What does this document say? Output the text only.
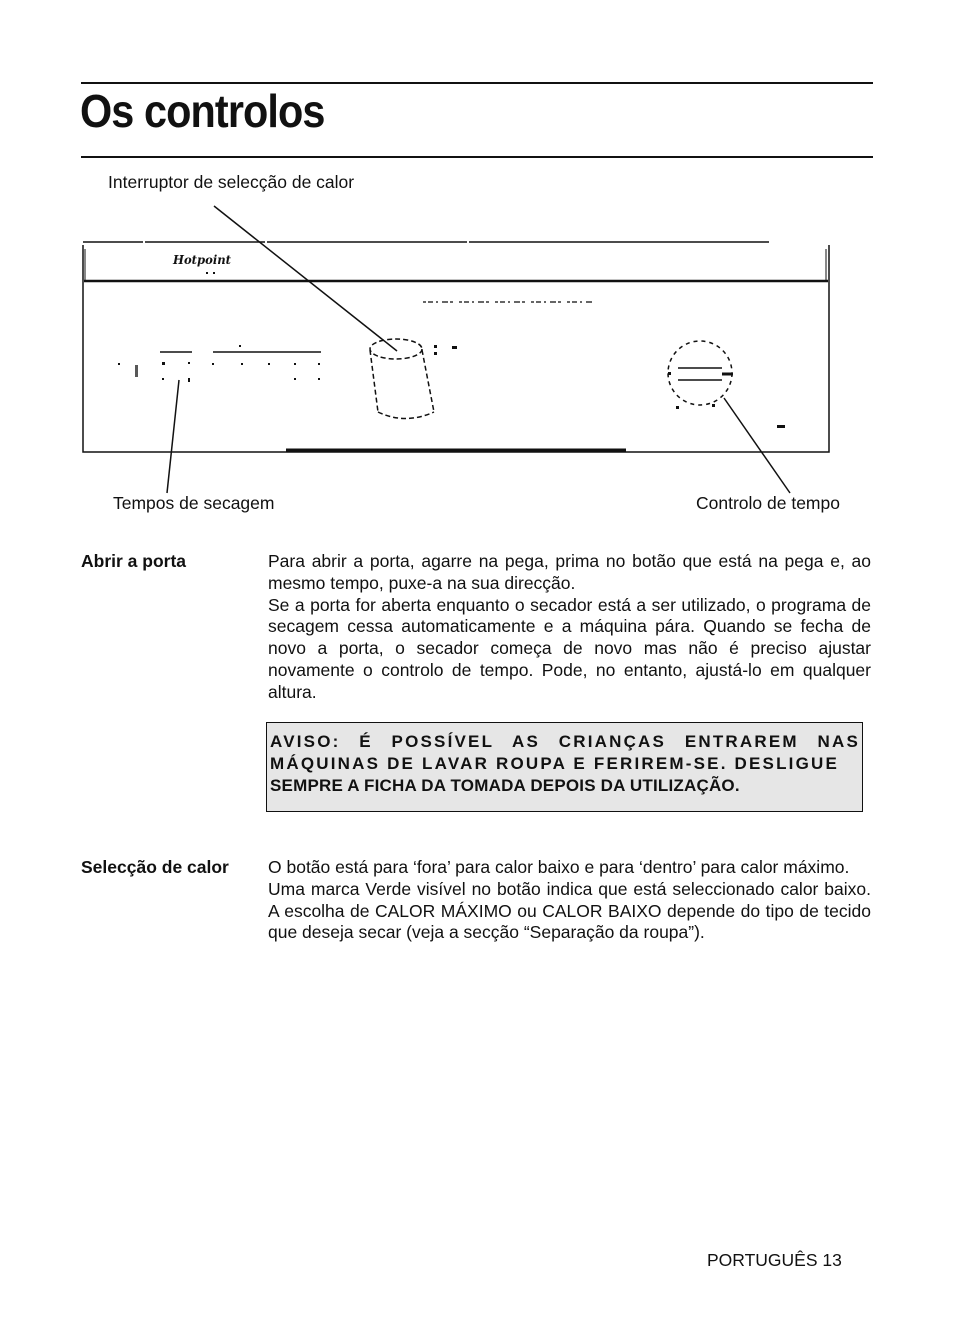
Os controlos
Interruptor de selecção de calor
Hotpoint
Tempos de secagem	Controlo de tempo
Abrir a porta	Para abrir a porta, agarre na pega, prima no botão que está na pega e, ao mesmo tempo, puxe-a na sua direcção.

Se a porta for aberta enquanto o secador está a ser utilizado, o programa de secagem cessa automaticamente e a máquina pára. Quando se fecha de novo a porta, o secador começa de novo mas não é preciso ajustar novamente o controlo de tempo. Pode, no entanto, ajustá-lo em qualquer altura.

AVISO: É POSSÍVEL AS CRIANÇAS ENTRAREM NAS MÁQUINAS DE LAVAR ROUPA E FERIREM-SE. DESLIGUE
SEMPRE A FICHA DA TOMADA DEPOIS DA UTILIZAÇÃO.
Selecção de calor O botão está para ‘fora’ para calor baixo e para ‘dentro’ para calor máximo.

Uma marca Verde visível no botão indica que está seleccionado calor baixo. A escolha de CALOR MÁXIMO ou CALOR BAIXO depende do tipo de tecido que deseja secar (veja a secção “Separação da roupa”).

PORTUGUÊS 13
